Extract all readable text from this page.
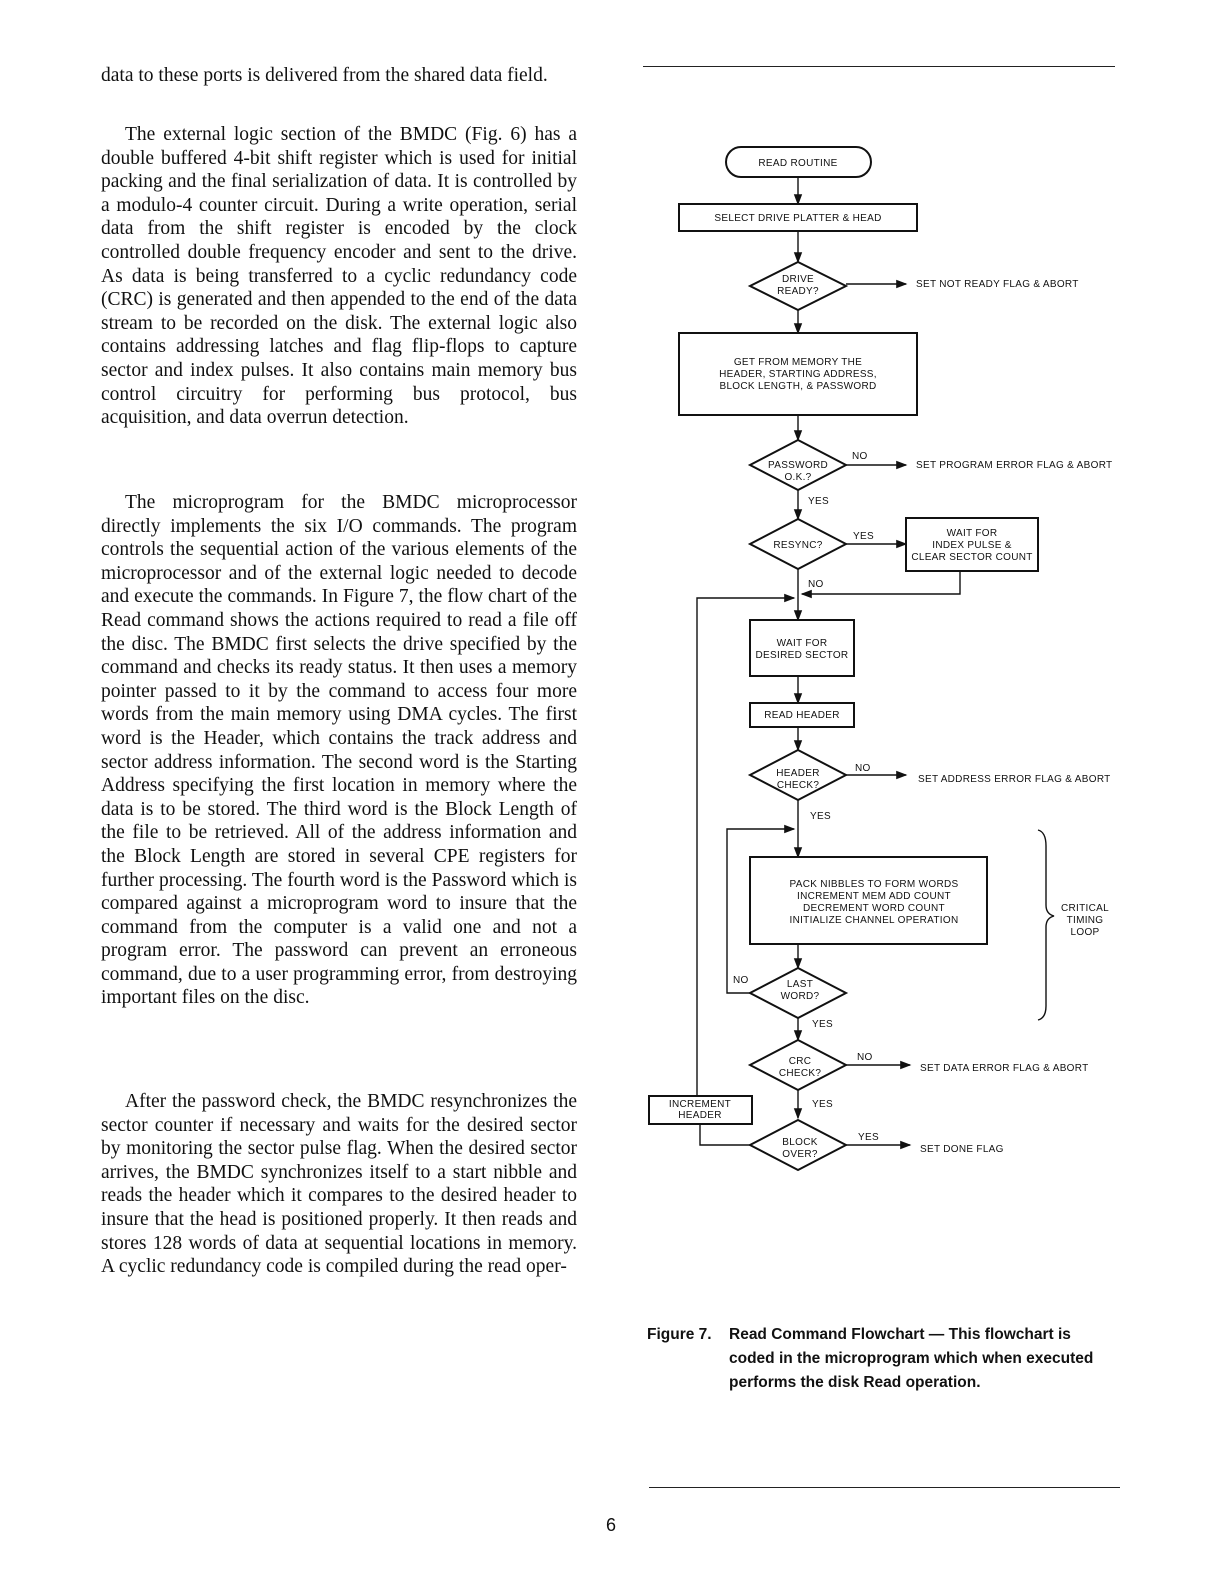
data to these ports is delivered from the shared data field.

The external logic section of the BMDC (Fig. 6) has a double buffered 4-bit shift register which is used for initial packing and the final serialization of data. It is controlled by a modulo-4 counter circuit. During a write operation, serial data from the shift register is encoded by the clock controlled double frequency encoder and sent to the drive. As data is being transferred to a cyclic redundancy code (CRC) is generated and then appended to the end of the data stream to be recorded on the disk. The external logic also contains addressing latches and flag flip-flops to capture sector and index pulses. It also contains main memory bus control circuitry for performing bus protocol, bus acquisition, and data overrun detection.

The microprogram for the BMDC microprocessor directly implements the six I/O commands. The program controls the sequential action of the various elements of the microprocessor and of the external logic needed to decode and execute the commands. In Figure 7, the flow chart of the Read command shows the actions required to read a file off the disc. The BMDC first selects the drive specified by the command and checks its ready status. It then uses a memory pointer passed to it by the command to access four more words from the main memory using DMA cycles. The first word is the Header, which contains the track address and sector address information. The second word is the Starting Address specifying the first location in memory where the data is to be stored. The third word is the Block Length of the file to be retrieved. All of the address information and the Block Length are stored in several CPE registers for further processing. The fourth word is the Password which is compared against a microprogram word to insure that the command from the computer is a valid one and not a program error. The password can prevent an erroneous command, due to a user programming error, from destroying important files on the disc.

After the password check, the BMDC resynchronizes the sector counter if necessary and waits for the desired sector by monitoring the sector pulse flag. When the desired sector arrives, the BMDC synchronizes itself to a start nibble and reads the header which it compares to the desired header to insure that the head is positioned properly. It then reads and stores 128 words of data at sequential locations in memory. A cyclic redundancy code is compiled during the read oper-

READ ROUTINE
SELECT DRIVE PLATTER & HEAD
DRIVE
READY?
SET NOT READY FLAG & ABORT
GET FROM MEMORY THE
HEADER, STARTING ADDRESS,
BLOCK LENGTH, & PASSWORD
PASSWORD
O.K.?
NO
SET PROGRAM ERROR FLAG & ABORT
YES
RESYNC?
YES
NO
WAIT FOR
INDEX PULSE &
CLEAR SECTOR COUNT
WAIT FOR
DESIRED SECTOR
READ HEADER
HEADER
CHECK?
NO
SET ADDRESS ERROR FLAG & ABORT
YES
PACK NIBBLES TO FORM WORDS
INCREMENT MEM ADD COUNT
DECREMENT WORD COUNT
INITIALIZE CHANNEL OPERATION
CRITICAL
TIMING
LOOP
LAST
WORD?
NO
YES
CRC
CHECK?
NO
SET DATA ERROR FLAG & ABORT
YES
INCREMENT
HEADER
BLOCK
OVER?
YES
SET DONE FLAG
Figure 7. Read Command Flowchart — This flowchart is
coded in the microprogram which when executed
performs the disk Read operation.
6
